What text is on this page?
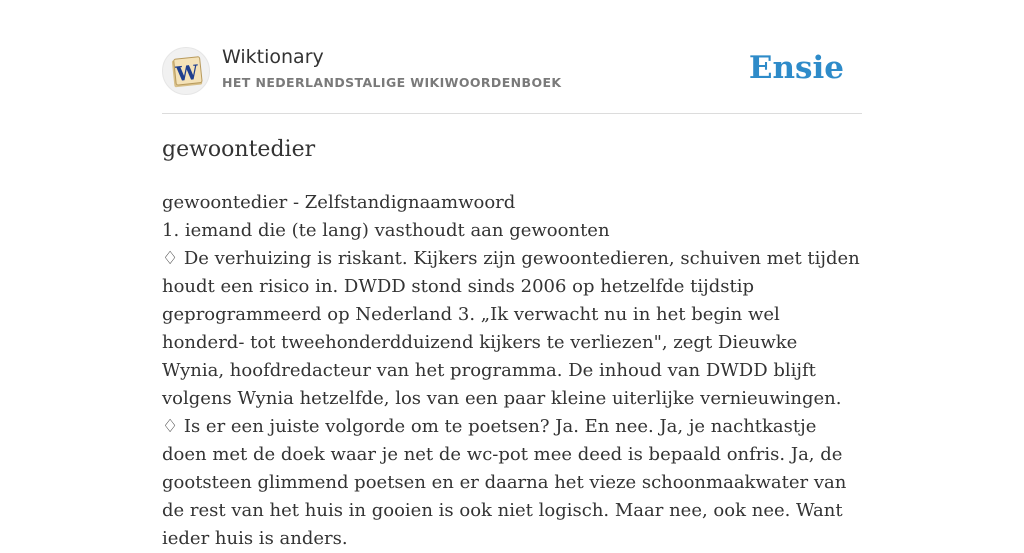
W
Wiktionary
HET NEDERLANDSTALIGE WIKIWOORDENBOEK	Ensie
gewoontedier

gewoontedier - Zelfstandignaamwoord

1. iemand die (te lang) vasthoudt aan gewoonten

♢ De verhuizing is riskant. Kijkers zijn gewoontedieren, schuiven met tijden houdt een risico in. DWDD stond sinds 2006 op hetzelfde tijdstip geprogrammeerd op Nederland 3. „Ik verwacht nu in het begin wel honderd- tot tweehonderdduizend kijkers te verliezen", zegt Dieuwke Wynia, hoofdredacteur van het programma. De inhoud van DWDD blijft volgens Wynia hetzelfde, los van een paar kleine uiterlijke vernieuwingen.

♢ Is er een juiste volgorde om te poetsen? Ja. En nee. Ja, je nachtkastje doen met de doek waar je net de wc-pot mee deed is bepaald onfris. Ja, de gootsteen glimmend poetsen en er daarna het vieze schoonmaakwater van de rest van het huis in gooien is ook niet logisch. Maar nee, ook nee. Want ieder huis is anders.
